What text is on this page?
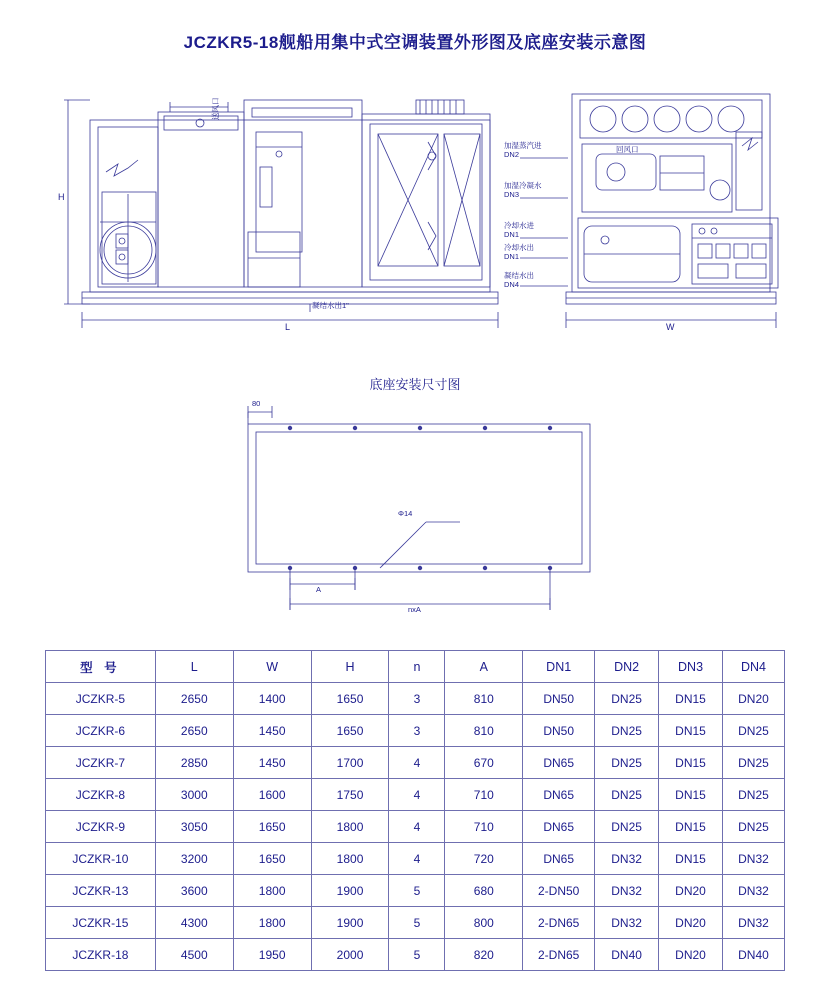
JCZKR5-18舰船用集中式空调装置外形图及底座安装示意图
H
L	W
凝结水出1"
加湿蒸汽进
DN2
加湿冷凝水
DN3
冷却水进
DN1
冷却水出
DN1
凝结水出
DN4
送风口
回风口
底座安装尺寸图
80
Φ14
A
nxA
型 号	L	W	H	n	A	DN1	DN2	DN3	DN4
JCZKR-5	2650	1400	1650	3	810	DN50	DN25	DN15	DN20
JCZKR-6	2650	1450	1650	3	810	DN50	DN25	DN15	DN25
JCZKR-7	2850	1450	1700	4	670	DN65	DN25	DN15	DN25
JCZKR-8	3000	1600	1750	4	710	DN65	DN25	DN15	DN25
JCZKR-9	3050	1650	1800	4	710	DN65	DN25	DN15	DN25
JCZKR-10	3200	1650	1800	4	720	DN65	DN32	DN15	DN32
JCZKR-13	3600	1800	1900	5	680	2-DN50	DN32	DN20	DN32
JCZKR-15	4300	1800	1900	5	800	2-DN65	DN32	DN20	DN32
JCZKR-18	4500	1950	2000	5	820	2-DN65	DN40	DN20	DN40
